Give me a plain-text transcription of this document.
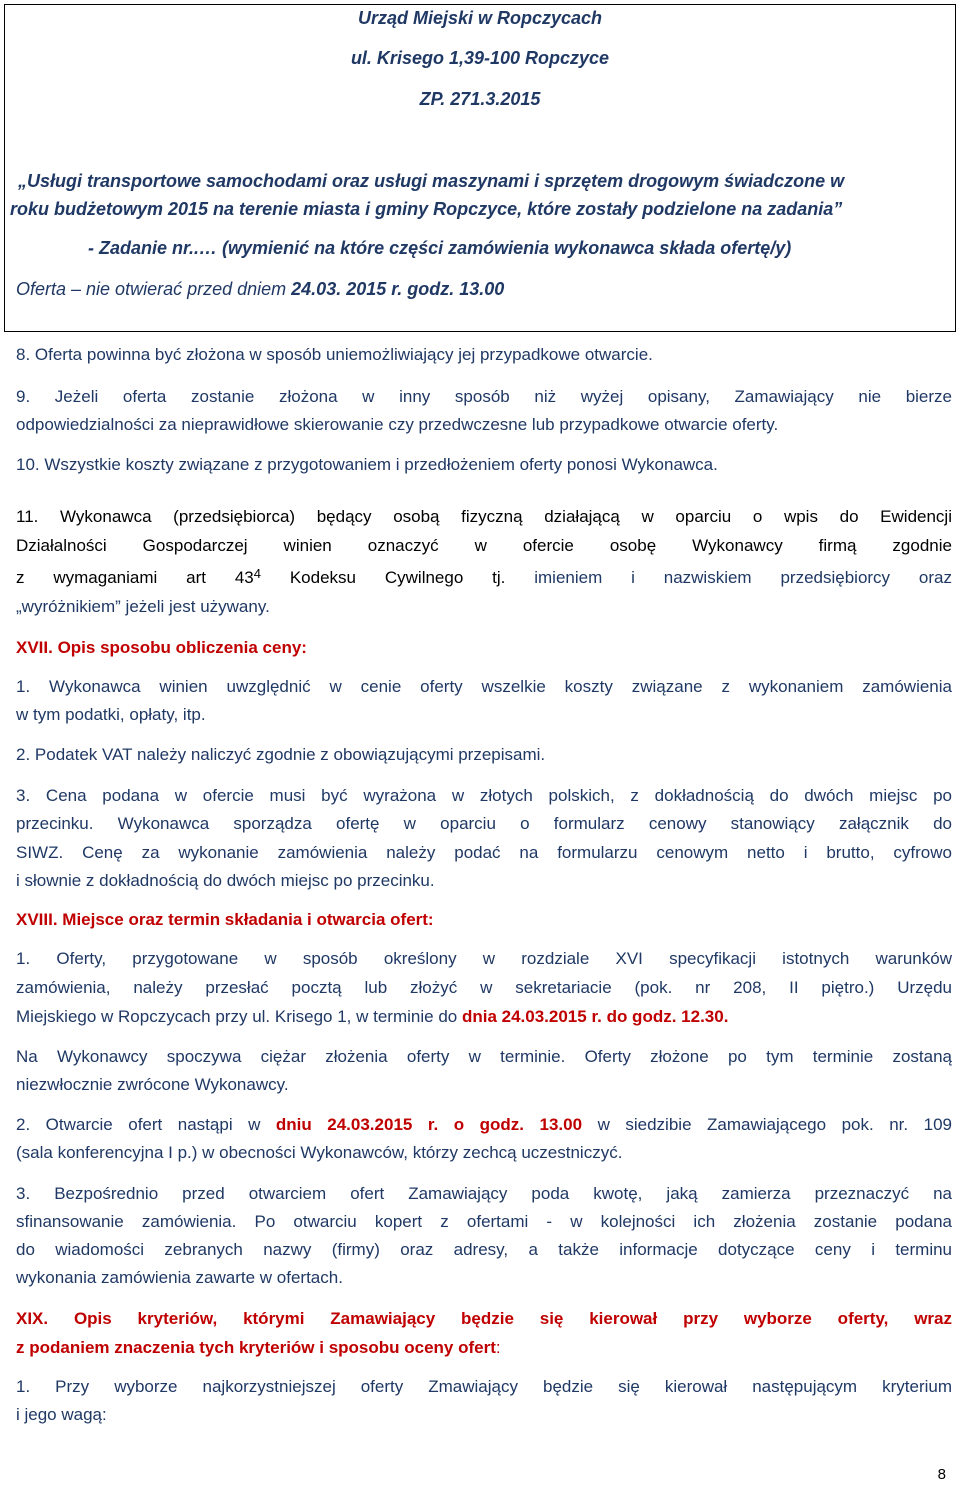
Urząd Miejski w Ropczycach
ul. Krisego 1,39-100 Ropczyce
ZP. 271.3.2015
„Usługi transportowe samochodami oraz usługi maszynami i sprzętem drogowym świadczone w
roku budżetowym 2015 na terenie miasta i gminy Ropczyce, które zostały podzielone na zadania”
- Zadanie nr..… (wymienić na które części zamówienia wykonawca składa ofertę/y)
Oferta – nie otwierać przed dniem 24.03. 2015 r. godz. 13.00
8. Oferta powinna być złożona w sposób uniemożliwiający jej przypadkowe otwarcie.
9. Jeżeli oferta zostanie złożona w inny sposób niż wyżej opisany, Zamawiający nie bierze
odpowiedzialności za nieprawidłowe skierowanie czy przedwczesne lub przypadkowe otwarcie oferty.
10. Wszystkie koszty związane z przygotowaniem i przedłożeniem oferty ponosi Wykonawca.
11. Wykonawca (przedsiębiorca) będący osobą fizyczną działającą w oparciu o wpis do Ewidencji
Działalności Gospodarczej winien oznaczyć w ofercie osobę Wykonawcy firmą zgodnie
z wymaganiami art $43^4$ Kodeksu Cywilnego tj. imieniem i nazwiskiem przedsiębiorcy oraz
„wyróżnikiem” jeżeli jest używany.
XVII. Opis sposobu obliczenia ceny:
1. Wykonawca winien uwzględnić w cenie oferty wszelkie koszty związane z wykonaniem zamówienia
w tym podatki, opłaty, itp.
2. Podatek VAT należy naliczyć zgodnie z obowiązującymi przepisami.
3. Cena podana w ofercie musi być wyrażona w złotych polskich, z dokładnością do dwóch miejsc po
przecinku. Wykonawca sporządza ofertę w oparciu o formularz cenowy stanowiący załącznik do
SIWZ. Cenę za wykonanie zamówienia należy podać na formularzu cenowym netto i brutto, cyfrowo
i słownie z dokładnością do dwóch miejsc po przecinku.
XVIII. Miejsce oraz termin składania i otwarcia ofert:
1. Oferty, przygotowane w sposób określony w rozdziale XVI specyfikacji istotnych warunków
zamówienia, należy przesłać pocztą lub złożyć w sekretariacie (pok. nr 208, II piętro.) Urzędu
Miejskiego w Ropczycach przy ul. Krisego 1, w terminie do dnia 24.03.2015 r. do godz. 12.30.
Na Wykonawcy spoczywa ciężar złożenia oferty w terminie. Oferty złożone po tym terminie zostaną
niezwłocznie zwrócone Wykonawcy.
2. Otwarcie ofert nastąpi w dniu 24.03.2015 r. o godz. 13.00 w siedzibie Zamawiającego pok. nr. 109
(sala konferencyjna I p.) w obecności Wykonawców, którzy zechcą uczestniczyć.
3. Bezpośrednio przed otwarciem ofert Zamawiający poda kwotę, jaką zamierza przeznaczyć na
sfinansowanie zamówienia. Po otwarciu kopert z ofertami - w kolejności ich złożenia zostanie podana
do wiadomości zebranych nazwy (firmy) oraz adresy, a także informacje dotyczące ceny i terminu
wykonania zamówienia zawarte w ofertach.
XIX. Opis kryteriów, którymi Zamawiający będzie się kierował przy wyborze oferty, wraz
z podaniem znaczenia tych kryteriów i sposobu oceny ofert:
1. Przy wyborze najkorzystniejszej oferty Zmawiający będzie się kierował następującym kryterium
i jego wagą:
8
